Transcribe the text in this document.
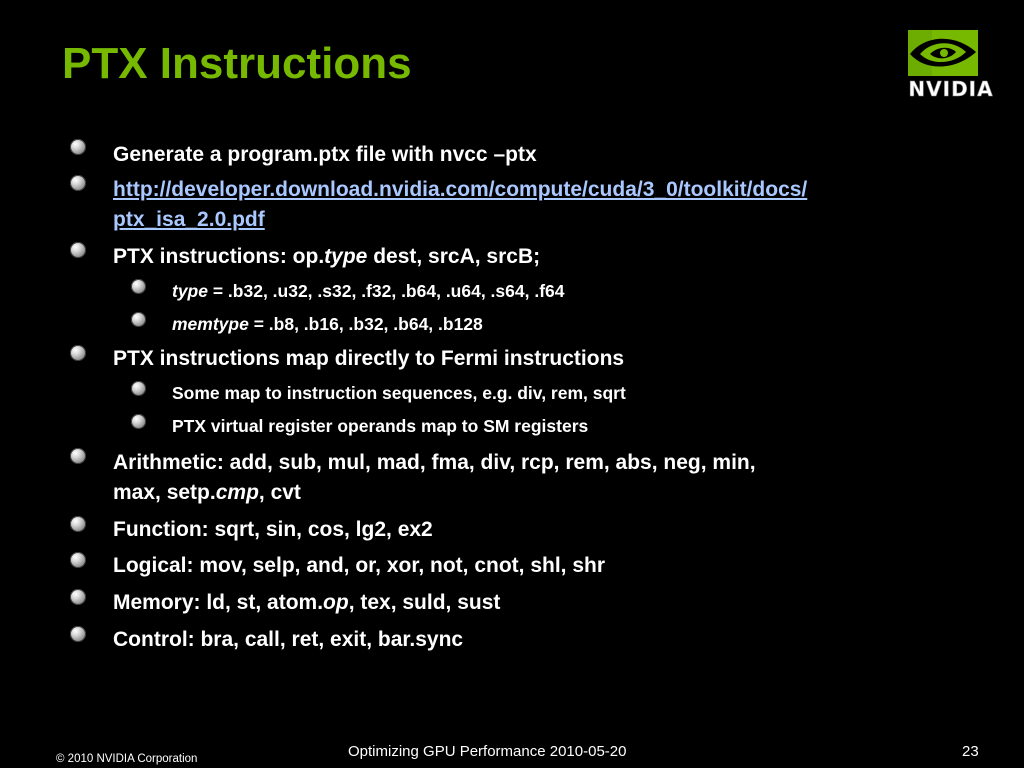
PTX Instructions
NVIDIA
Generate a program.ptx file with nvcc –ptx
http://developer.download.nvidia.com/compute/cuda/3_0/toolkit/docs/
ptx_isa_2.0.pdf
PTX instructions: op.type dest, srcA, srcB;
type = .b32, .u32, .s32, .f32, .b64, .u64, .s64, .f64
memtype = .b8, .b16, .b32, .b64, .b128
PTX instructions map directly to Fermi instructions
Some map to instruction sequences, e.g. div, rem, sqrt
PTX virtual register operands map to SM registers
Arithmetic: add, sub, mul, mad, fma, div, rcp, rem, abs, neg, min,
max, setp.cmp, cvt
Function: sqrt, sin, cos, lg2, ex2
Logical: mov, selp, and, or, xor, not, cnot, shl, shr
Memory: ld, st, atom.op, tex, suld, sust
Control: bra, call, ret, exit, bar.sync
© 2010 NVIDIA Corporation	Optimizing GPU Performance 2010-05-20	23
